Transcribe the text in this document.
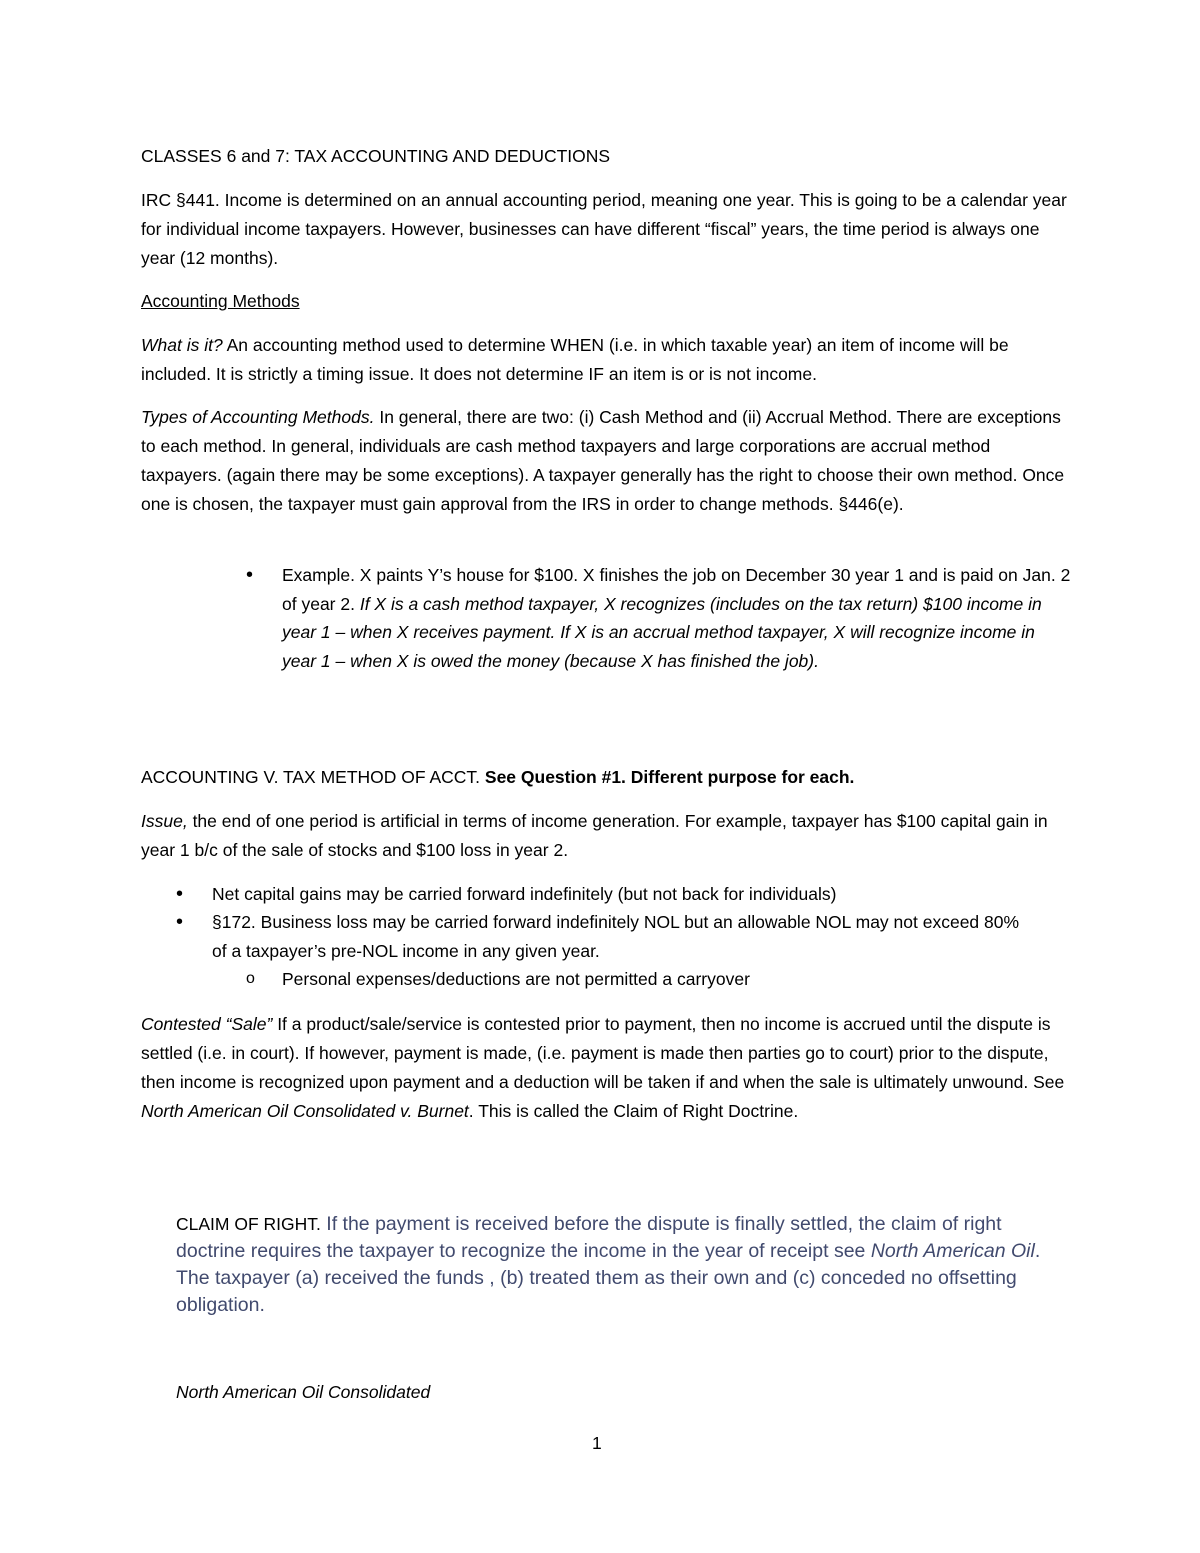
CLASSES 6 and 7: TAX ACCOUNTING AND DEDUCTIONS

IRC §441. Income is determined on an annual accounting period, meaning one year. This is going to be a calendar year for individual income taxpayers. However, businesses can have different “fiscal” years, the time period is always one year (12 months).

Accounting Methods

What is it? An accounting method used to determine WHEN (i.e. in which taxable year) an item of income will be included. It is strictly a timing issue. It does not determine IF an item is or is not income.

Types of Accounting Methods. In general, there are two: (i) Cash Method and (ii) Accrual Method. There are exceptions to each method. In general, individuals are cash method taxpayers and large corporations are accrual method taxpayers. (again there may be some exceptions). A taxpayer generally has the right to choose their own method. Once one is chosen, the taxpayer must gain approval from the IRS in order to change methods. §446(e).

• Example. X paints Y’s house for $100. X finishes the job on December 30 year 1 and is paid on Jan. 2 of year 2. If X is a cash method taxpayer, X recognizes (includes on the tax return) $100 income in year 1 – when X receives payment. If X is an accrual method taxpayer, X will recognize income in year 1 – when X is owed the money (because X has finished the job).

ACCOUNTING V. TAX METHOD OF ACCT. See Question #1. Different purpose for each.

Issue, the end of one period is artificial in terms of income generation. For example, taxpayer has $100 capital gain in year 1 b/c of the sale of stocks and $100 loss in year 2.

• Net capital gains may be carried forward indefinitely (but not back for individuals)

• §172. Business loss may be carried forward indefinitely NOL but an allowable NOL may not exceed 80% of a taxpayer’s pre-NOL income in any given year.

o Personal expenses/deductions are not permitted a carryover

Contested “Sale” If a product/sale/service is contested prior to payment, then no income is accrued until the dispute is settled (i.e. in court). If however, payment is made, (i.e. payment is made then parties go to court) prior to the dispute, then income is recognized upon payment and a deduction will be taken if and when the sale is ultimately unwound. See North American Oil Consolidated v. Burnet. This is called the Claim of Right Doctrine.

CLAIM OF RIGHT. If the payment is received before the dispute is finally settled, the claim of right doctrine requires the taxpayer to recognize the income in the year of receipt see North American Oil. The taxpayer (a) received the funds , (b) treated them as their own and (c) conceded no offsetting obligation.

North American Oil Consolidated

1
